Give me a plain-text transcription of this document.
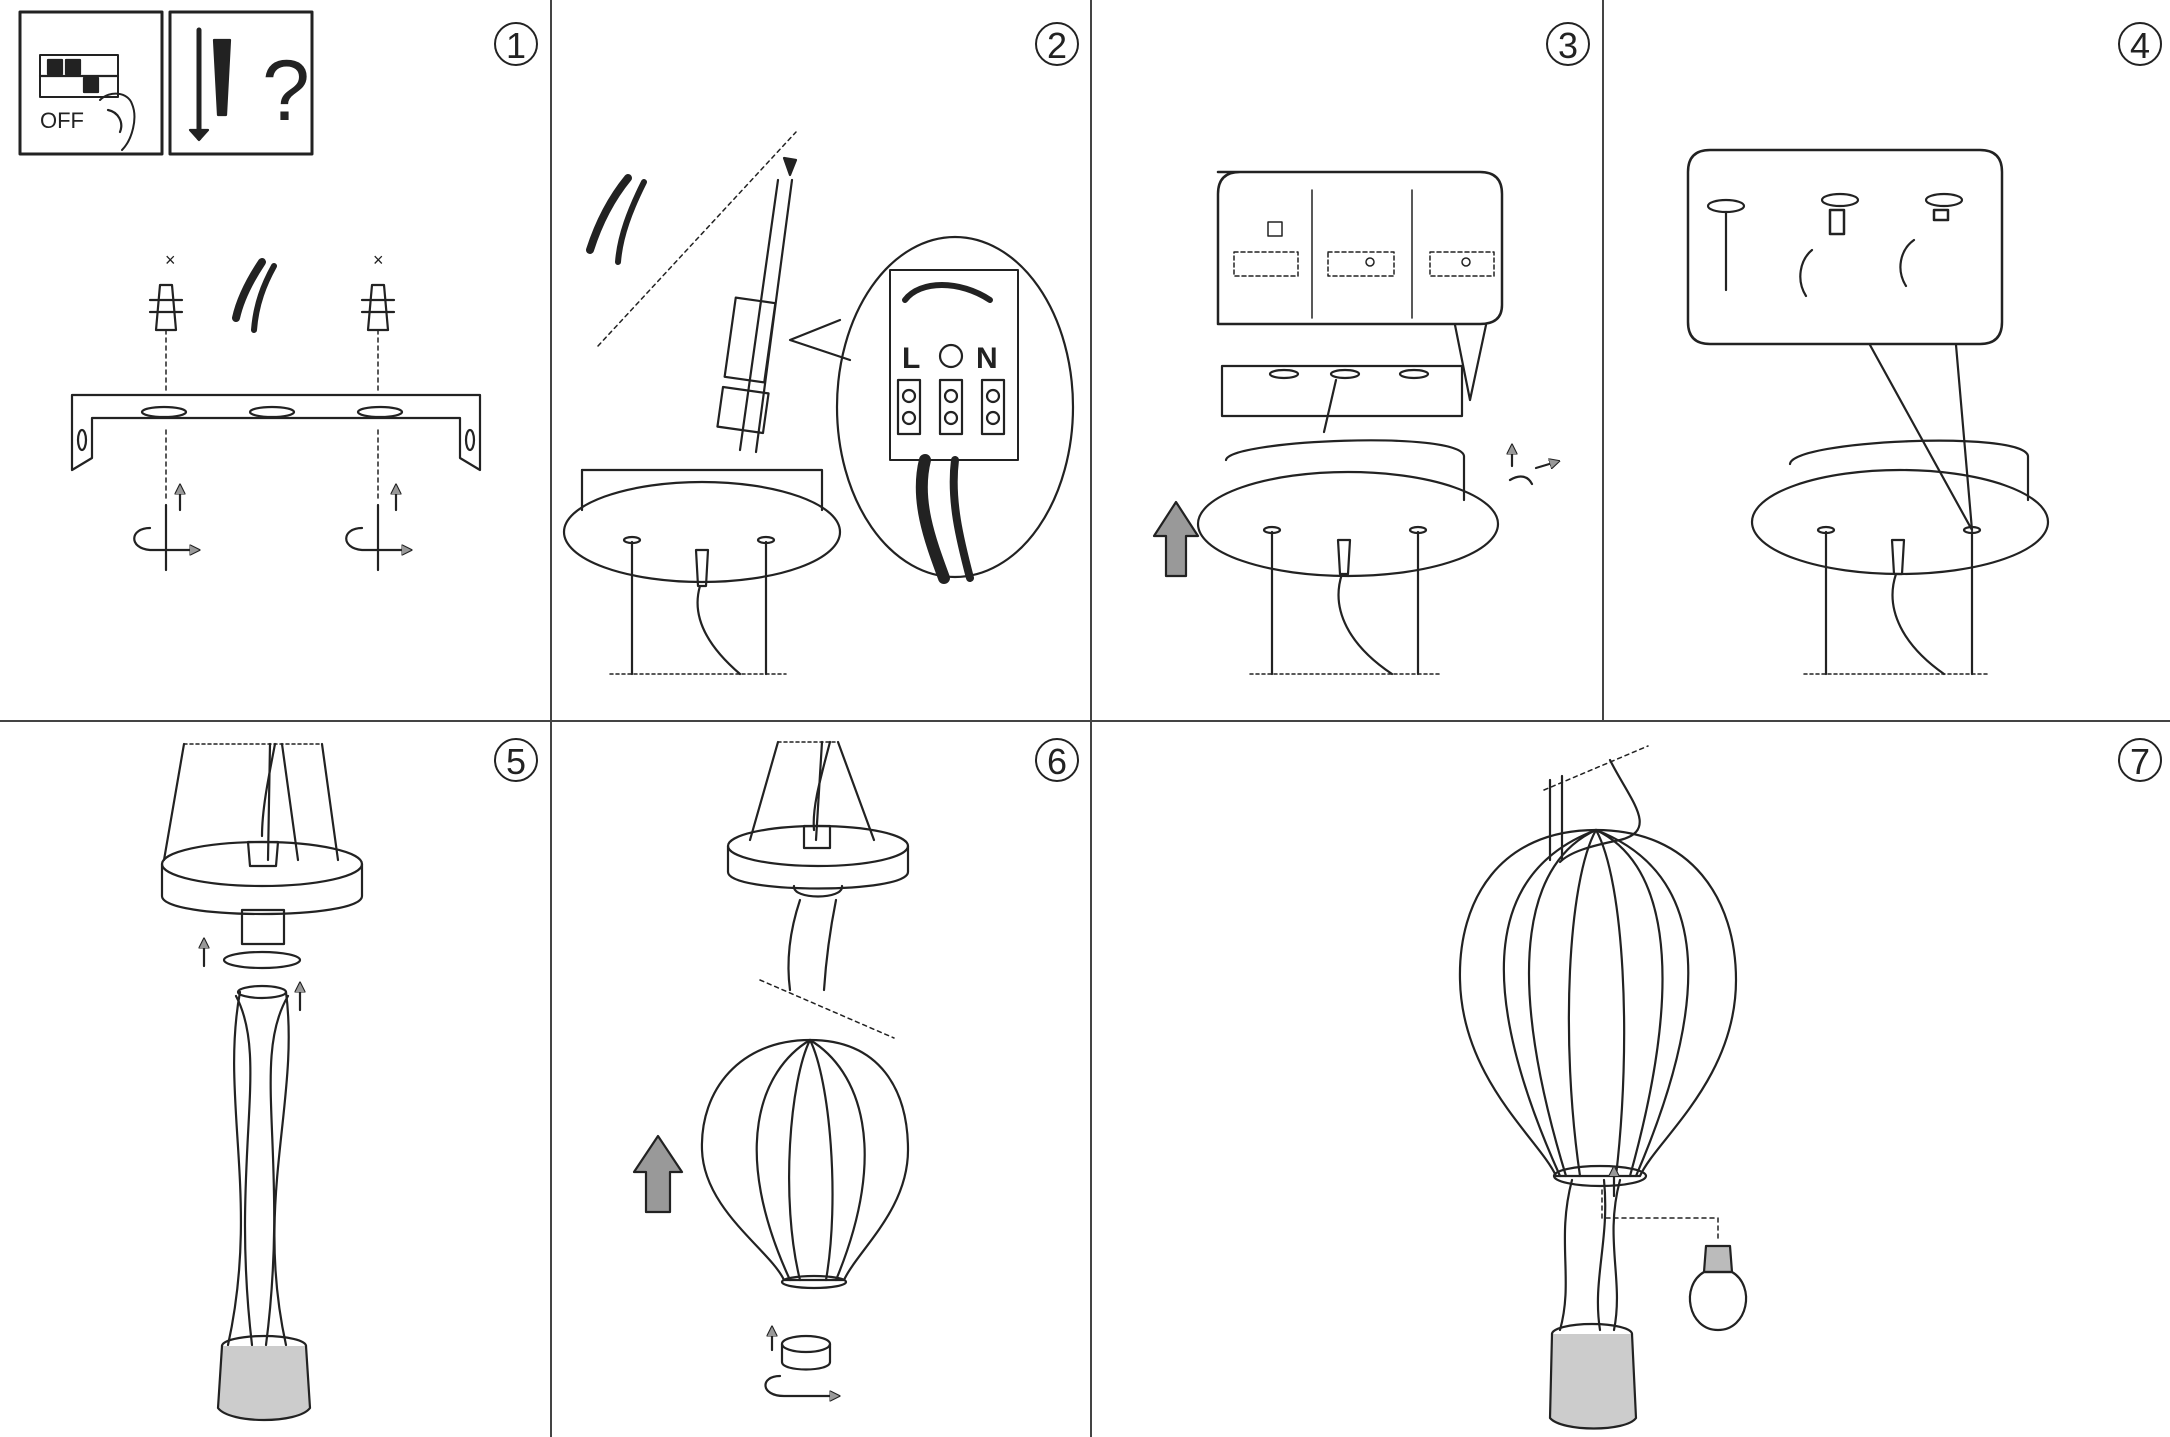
1	2	3	4
5	6	7
OFF ?
×	×
L N
